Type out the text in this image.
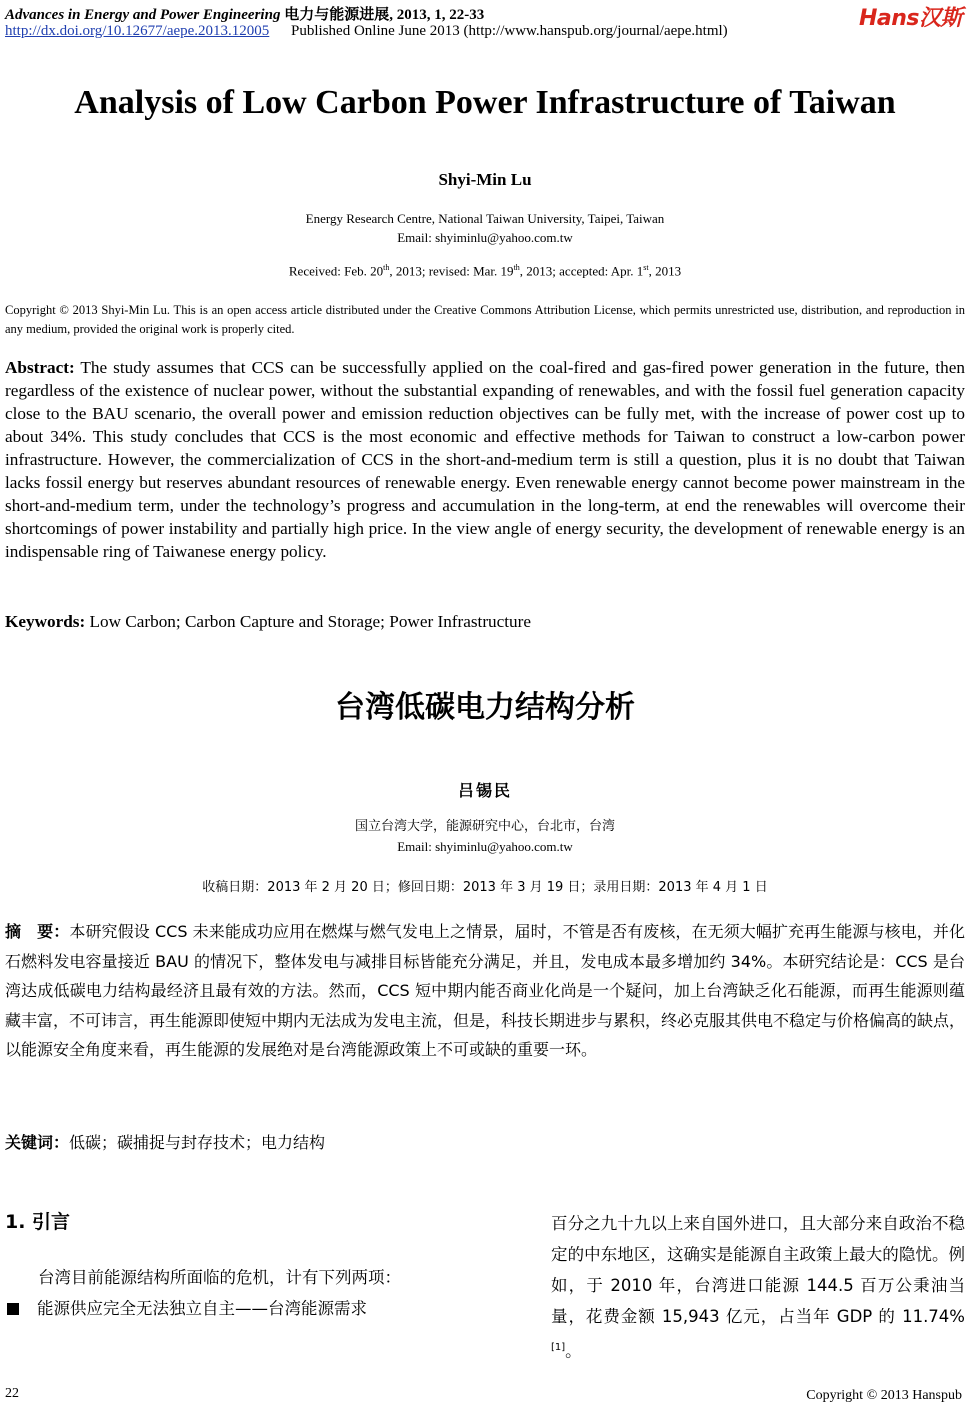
Advances in Energy and Power Engineering 电力与能源进展, 2013, 1, 22-33
http://dx.doi.org/10.12677/aepe.2013.12005 Published Online June 2013 (http://www.hanspub.org/journal/aepe.html)	Hans汉斯
Analysis of Low Carbon Power Infrastructure of Taiwan
Shyi-Min Lu
Energy Research Centre, National Taiwan University, Taipei, Taiwan
Email: shyiminlu@yahoo.com.tw
Received: Feb. 20th, 2013; revised: Mar. 19th, 2013; accepted: Apr. 1st, 2013
Copyright © 2013 Shyi-Min Lu. This is an open access article distributed under the Creative Commons Attribution License, which permits unrestricted use, distribution, and reproduction in any medium, provided the original work is properly cited.
Abstract: The study assumes that CCS can be successfully applied on the coal-fired and gas-fired power generation in the future, then regardless of the existence of nuclear power, without the substantial expanding of renewables, and with the fossil fuel generation capacity close to the BAU scenario, the overall power and emission reduction objectives can be fully met, with the increase of power cost up to about 34%. This study concludes that CCS is the most economic and effective methods for Taiwan to construct a low-carbon power infrastructure. However, the commercialization of CCS in the short-and-medium term is still a question, plus it is no doubt that Taiwan lacks fossil energy but reserves abundant resources of renewable energy. Even renewable energy cannot become power mainstream in the short-and-medium term, under the technology’s progress and accumulation in the long-term, at end the renewables will overcome their shortcomings of power instability and partially high price. In the view angle of energy security, the development of renewable energy is an indispensable ring of Taiwanese energy policy.
Keywords: Low Carbon; Carbon Capture and Storage; Power Infrastructure
台湾低碳电力结构分析
吕锡民
国立台湾大学，能源研究中心，台北市，台湾
Email: shyiminlu@yahoo.com.tw
收稿日期：2013 年 2 月 20 日；修回日期：2013 年 3 月 19 日；录用日期：2013 年 4 月 1 日
摘　要：本研究假设 CCS 未来能成功应用在燃煤与燃气发电上之情景，届时，不管是否有废核，在无须大幅扩充再生能源与核电，并化石燃料发电容量接近 BAU 的情况下，整体发电与减排目标皆能充分满足，并且，发电成本最多增加约 34%。本研究结论是：CCS 是台湾达成低碳电力结构最经济且最有效的方法。然而，CCS 短中期内能否商业化尚是一个疑问，加上台湾缺乏化石能源，而再生能源则蕴藏丰富，不可讳言，再生能源即使短中期内无法成为发电主流，但是，科技长期进步与累积，终必克服其供电不稳定与价格偏高的缺点，以能源安全角度来看，再生能源的发展绝对是台湾能源政策上不可或缺的重要一环。
关键词：低碳；碳捕捉与封存技术；电力结构
1. 引言

台湾目前能源结构所面临的危机，计有下列两项：

能源供应完全无法独立自主——台湾能源需求
百分之九十九以上来自国外进口，且大部分来自政治不稳定的中东地区，这确实是能源自主政策上最大的隐忧。例如，于 2010 年，台湾进口能源 144.5 百万公秉油当量，花费金额 15,943 亿元，占当年 GDP 的 11.74%[1]。
22	Copyright © 2013 Hanspub
